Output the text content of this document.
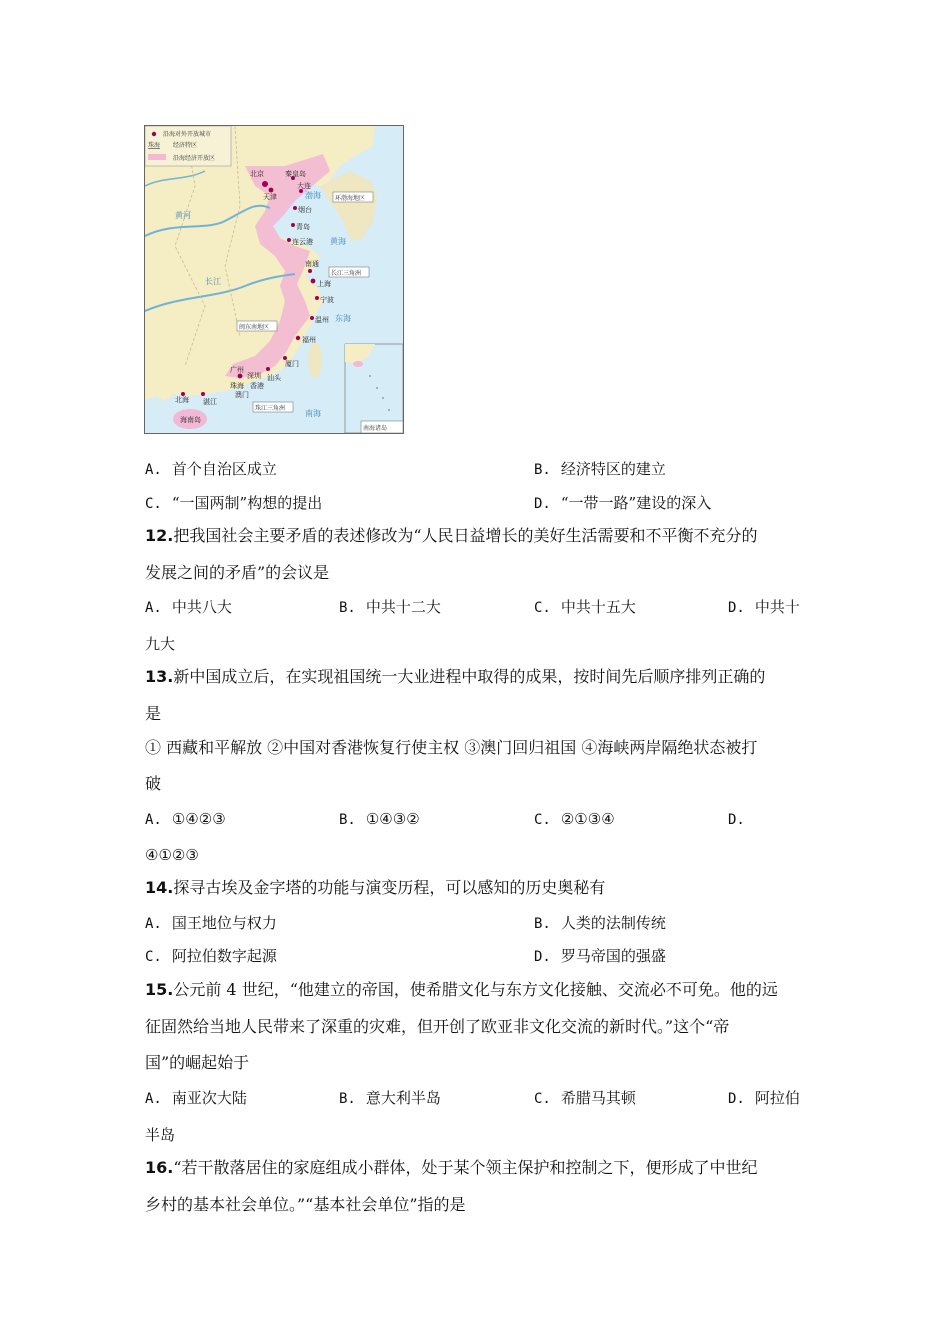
沿海对外开放城市
珠海 经济特区
沿海经济开放区
北京	秦皇岛
天津
大连
烟台
青岛
连云港
南通
上海
宁波
温州
福州
厦门
汕头
广州
深圳
珠海 香港
澳门
湛江
北海
海南岛
环渤海地区
长江三角洲
闽东南地区
珠江三角洲
黄河
长江
黄海
东海
南海
渤海
南海诸岛
A. 首个自治区成立	B. 经济特区的建立
C. “一国两制”构想的提出	D. “一带一路”建设的深入
12.把我国社会主要矛盾的表述修改为“人民日益增长的美好生活需要和不平衡不充分的
发展之间的矛盾”的会议是
A. 中共八大	B. 中共十二大	C. 中共十五大	D. 中共十
九大
13.新中国成立后，在实现祖国统一大业进程中取得的成果，按时间先后顺序排列正确的
是
① 西藏和平解放 ②中国对香港恢复行使主权 ③澳门回归祖国 ④海峡两岸隔绝状态被打
破
A. ①④②③	B. ①④③②	C. ②①③④	D.
④①②③
14.探寻古埃及金字塔的功能与演变历程，可以感知的历史奥秘有
A. 国王地位与权力	B. 人类的法制传统
C. 阿拉伯数字起源	D. 罗马帝国的强盛
15.公元前 4 世纪，“他建立的帝国，使希腊文化与东方文化接触、交流必不可免。他的远
征固然给当地人民带来了深重的灾难，但开创了欧亚非文化交流的新时代。”这个“帝
国”的崛起始于
A. 南亚次大陆	B. 意大利半岛	C. 希腊马其顿	D. 阿拉伯
半岛
16.“若干散落居住的家庭组成小群体，处于某个领主保护和控制之下，便形成了中世纪
乡村的基本社会单位。”“基本社会单位”指的是
